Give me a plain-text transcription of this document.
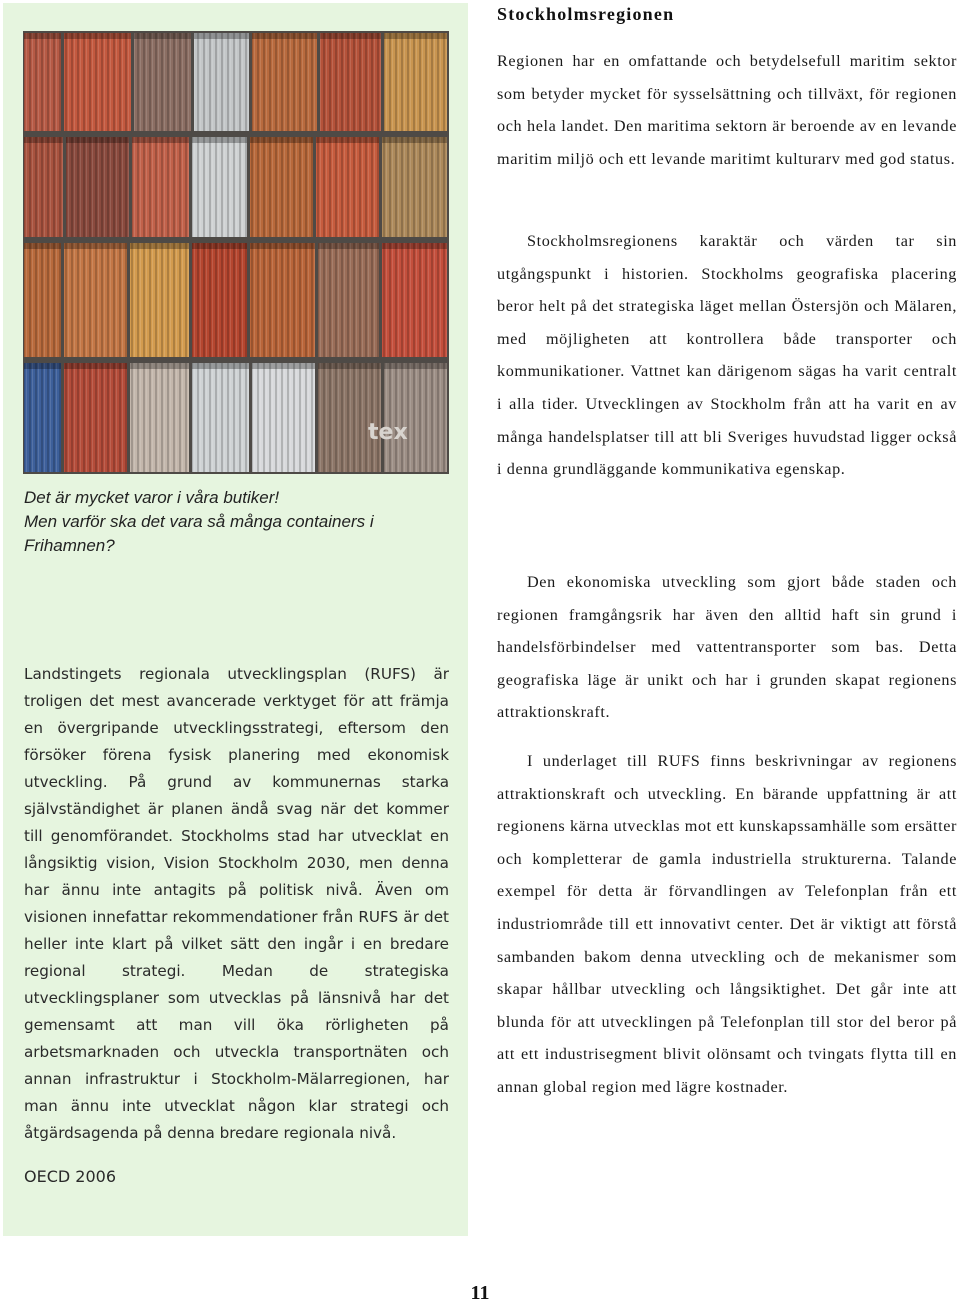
tex

Det är mycket varor i våra butiker!
Men varför ska det vara så många containers i
Frihamnen?

Landstingets regionala utvecklingsplan (RUFS) är troligen det mest avancerade verktyget för att främja en övergripande utvecklingsstrategi, eftersom den försöker förena fysisk planering med ekonomisk utveckling. På grund av kommunernas starka självständighet är planen ändå svag när det kommer till genomförandet. Stockholms stad har utvecklat en långsiktig vision, Vision Stockholm 2030, men denna har ännu inte antagits på politisk nivå. Även om visionen innefattar rekommendationer från RUFS är det heller inte klart på vilket sätt den ingår i en bredare regional strategi. Medan de strategiska utvecklingsplaner som utvecklas på länsnivå har det gemensamt att man vill öka rörligheten på arbetsmarknaden och utveckla transportnäten och annan infrastruktur i Stockholm-Mälarregionen, har man ännu inte utvecklat någon klar strategi och åtgärdsagenda på denna bredare regionala nivå.

OECD 2006

Stockholmsregionen

Regionen har en omfattande och betydelsefull maritim sektor som betyder mycket för sysselsättning och tillväxt, för regionen och hela landet. Den maritima sektorn är beroende av en levande maritim miljö och ett levande maritimt kulturarv med god status.

Stockholmsregionens karaktär och värden tar sin utgångspunkt i historien. Stockholms geografiska placering beror helt på det strategiska läget mellan Östersjön och Mälaren, med möjligheten att kontrollera både transporter och kommunikationer. Vattnet kan därigenom sägas ha varit centralt i alla tider. Utvecklingen av Stockholm från att ha varit en av många handelsplatser till att bli Sveriges huvudstad ligger också i denna grundläggande kommunikativa egenskap.

Den ekonomiska utveckling som gjort både staden och regionen framgångsrik har även den alltid haft sin grund i handelsförbindelser med vattentransporter som bas. Detta geografiska läge är unikt och har i grunden skapat regionens attraktionskraft.

I underlaget till RUFS finns beskrivningar av regionens attraktionskraft och utveckling. En bärande uppfattning är att regionens kärna utvecklas mot ett kunskapssamhälle som ersätter och kompletterar de gamla industriella strukturerna. Talande exempel för detta är förvandlingen av Telefonplan från ett industriområde till ett innovativt center. Det är viktigt att förstå sambanden bakom denna utveckling och de mekanismer som skapar hållbar utveckling och långsiktighet. Det går inte att blunda för att utvecklingen på Telefonplan till stor del beror på att ett industrisegment blivit olönsamt och tvingats flytta till en annan global region med lägre kostnader.

11
